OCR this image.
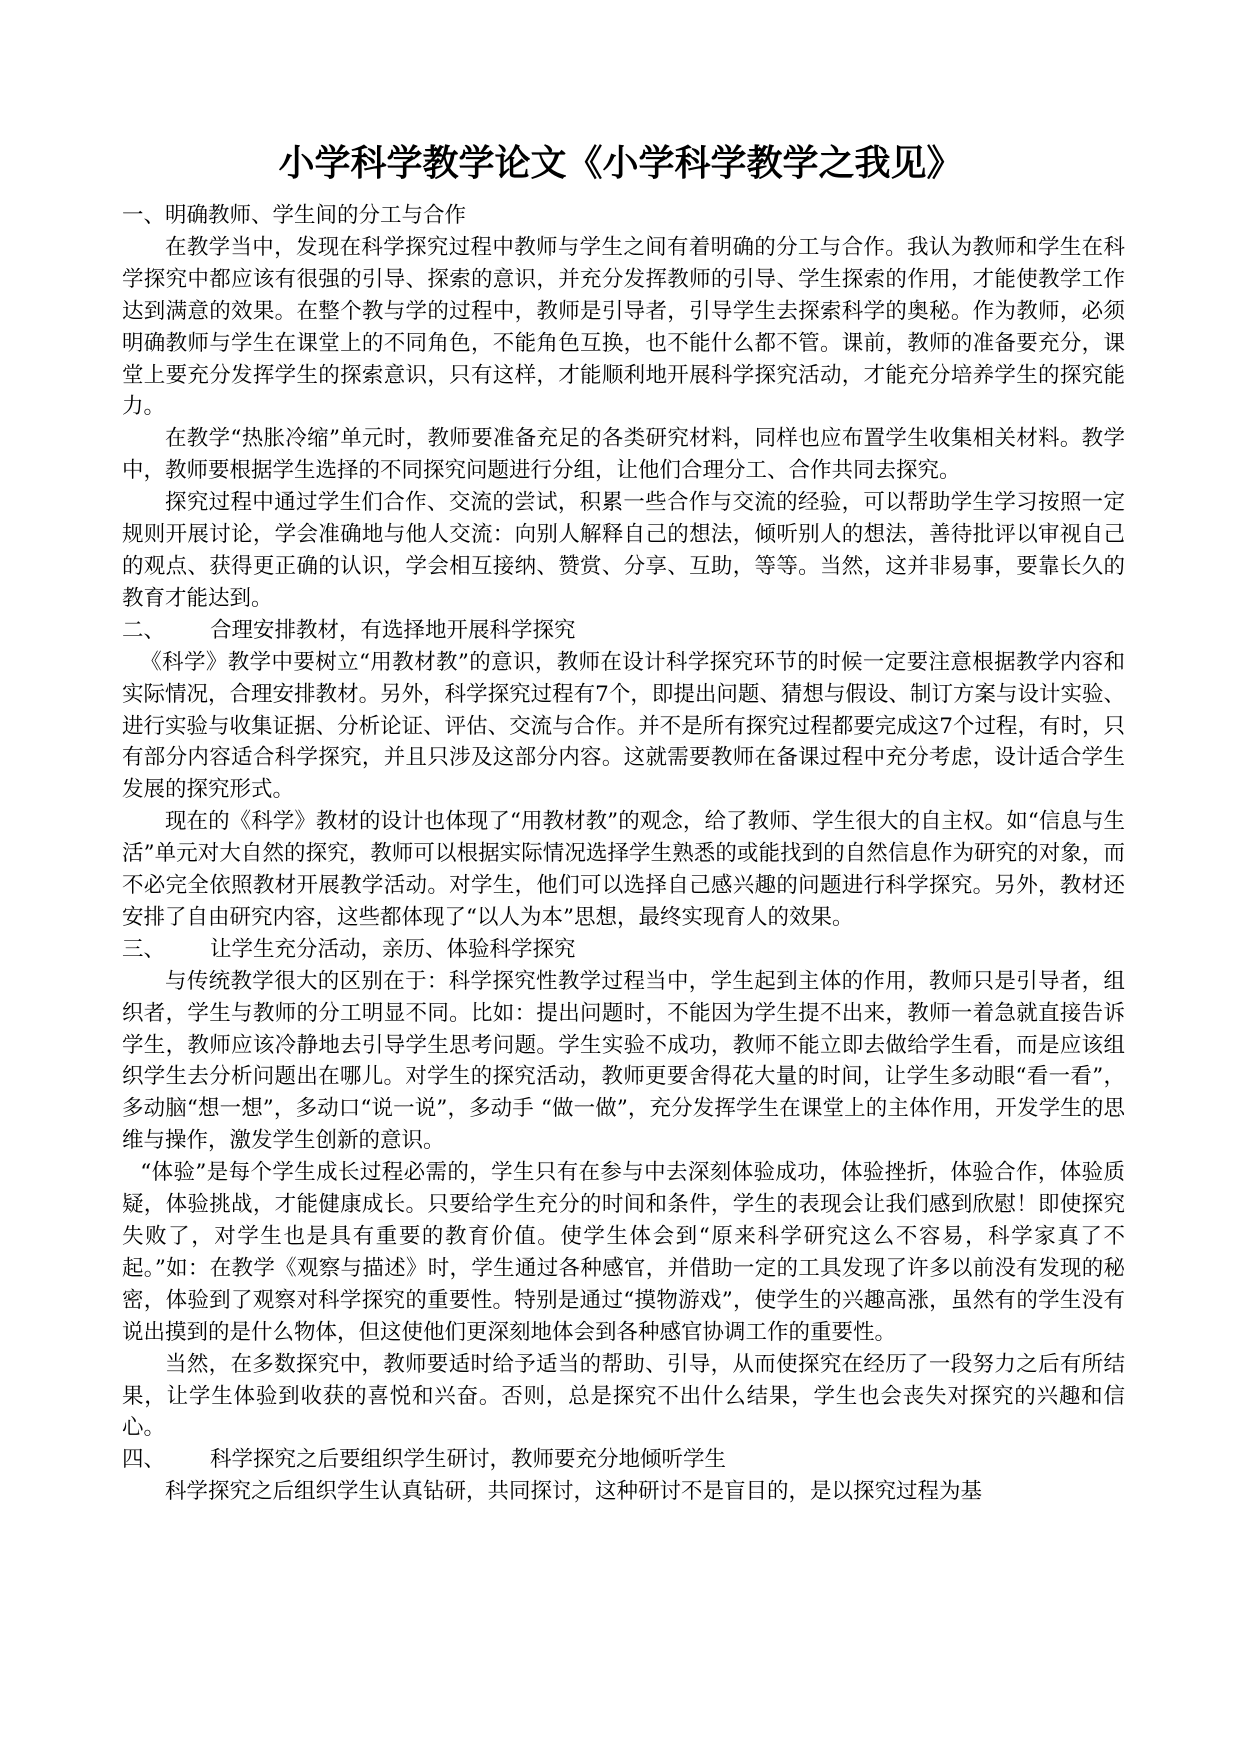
小学科学教学论文《小学科学教学之我见》

一、明确教师、学生间的分工与合作

在教学当中，发现在科学探究过程中教师与学生之间有着明确的分工与合作。我认为教师和学生在科学探究中都应该有很强的引导、探索的意识，并充分发挥教师的引导、学生探索的作用，才能使教学工作达到满意的效果。在整个教与学的过程中，教师是引导者，引导学生去探索科学的奥秘。作为教师，必须明确教师与学生在课堂上的不同角色，不能角色互换，也不能什么都不管。课前，教师的准备要充分，课堂上要充分发挥学生的探索意识，只有这样，才能顺利地开展科学探究活动，才能充分培养学生的探究能力。

在教学“热胀冷缩”单元时，教师要准备充足的各类研究材料，同样也应布置学生收集相关材料。教学中，教师要根据学生选择的不同探究问题进行分组，让他们合理分工、合作共同去探究。

探究过程中通过学生们合作、交流的尝试，积累一些合作与交流的经验，可以帮助学生学习按照一定规则开展讨论，学会准确地与他人交流：向别人解释自己的想法，倾听别人的想法，善待批评以审视自己的观点、获得更正确的认识，学会相互接纳、赞赏、分享、互助，等等。当然，这并非易事，要靠长久的教育才能达到。

二、 合理安排教材，有选择地开展科学探究

《科学》教学中要树立“用教材教”的意识，教师在设计科学探究环节的时候一定要注意根据教学内容和实际情况，合理安排教材。另外，科学探究过程有7个，即提出问题、猜想与假设、制订方案与设计实验、进行实验与收集证据、分析论证、评估、交流与合作。并不是所有探究过程都要完成这7个过程，有时，只有部分内容适合科学探究，并且只涉及这部分内容。这就需要教师在备课过程中充分考虑，设计适合学生发展的探究形式。

现在的《科学》教材的设计也体现了“用教材教”的观念，给了教师、学生很大的自主权。如“信息与生活”单元对大自然的探究，教师可以根据实际情况选择学生熟悉的或能找到的自然信息作为研究的对象，而不必完全依照教材开展教学活动。对学生，他们可以选择自己感兴趣的问题进行科学探究。另外，教材还安排了自由研究内容，这些都体现了“以人为本”思想，最终实现育人的效果。

三、 让学生充分活动，亲历、体验科学探究

与传统教学很大的区别在于：科学探究性教学过程当中，学生起到主体的作用，教师只是引导者，组织者，学生与教师的分工明显不同。比如：提出问题时，不能因为学生提不出来，教师一着急就直接告诉学生，教师应该冷静地去引导学生思考问题。学生实验不成功，教师不能立即去做给学生看，而是应该组织学生去分析问题出在哪儿。对学生的探究活动，教师更要舍得花大量的时间，让学生多动眼“看一看”，多动脑“想一想”，多动口“说一说”，多动手 “做一做”，充分发挥学生在课堂上的主体作用，开发学生的思维与操作，激发学生创新的意识。

“体验”是每个学生成长过程必需的，学生只有在参与中去深刻体验成功，体验挫折，体验合作，体验质疑，体验挑战，才能健康成长。只要给学生充分的时间和条件，学生的表现会让我们感到欣慰！即使探究失败了，对学生也是具有重要的教育价值。使学生体会到“原来科学研究这么不容易，科学家真了不起。”如：在教学《观察与描述》时，学生通过各种感官，并借助一定的工具发现了许多以前没有发现的秘密，体验到了观察对科学探究的重要性。特别是通过“摸物游戏”，使学生的兴趣高涨，虽然有的学生没有说出摸到的是什么物体，但这使他们更深刻地体会到各种感官协调工作的重要性。

当然，在多数探究中，教师要适时给予适当的帮助、引导，从而使探究在经历了一段努力之后有所结果，让学生体验到收获的喜悦和兴奋。否则，总是探究不出什么结果，学生也会丧失对探究的兴趣和信心。

四、 科学探究之后要组织学生研讨，教师要充分地倾听学生

科学探究之后组织学生认真钻研，共同探讨，这种研讨不是盲目的，是以探究过程为基
